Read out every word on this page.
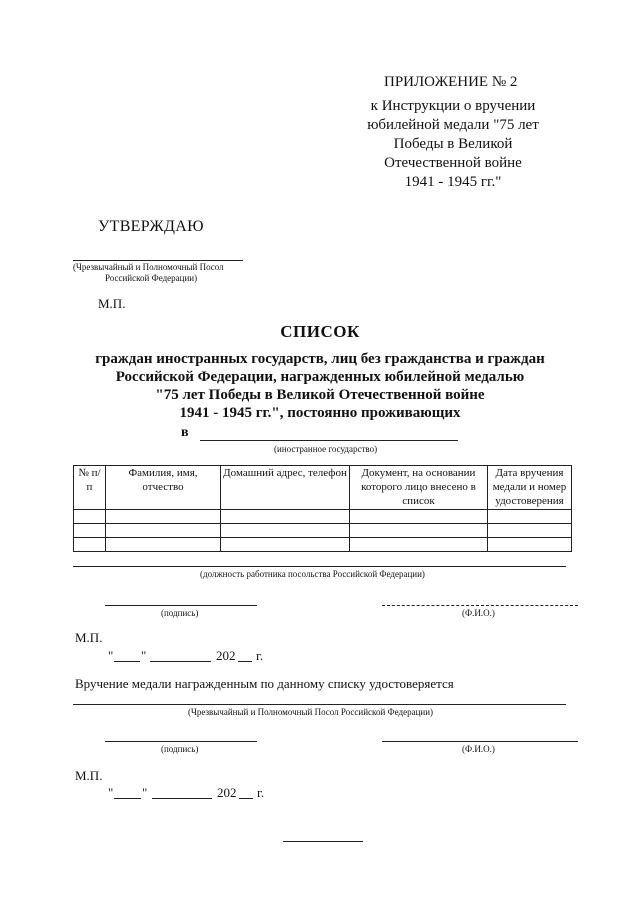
ПРИЛОЖЕНИЕ № 2
к Инструкции о вручении
юбилейной медали "75 лет
Победы в Великой
Отечественной войне
1941 - 1945 гг."
УТВЕРЖДАЮ
(Чрезвычайный и Полномочный Посол
Российской Федерации)
М.П.
СПИСОК
граждан иностранных государств, лиц без гражданства и граждан
Российской Федерации, награжденных юбилейной медалью
"75 лет Победы в Великой Отечественной войне
1941 - 1945 гг.", постоянно проживающих
в
(иностранное государство)
№ п/п	Фамилия, имя, отчество	Домашний адрес, телефон	Документ, на основании которого лицо внесено в список	Дата вручения медали и номер удостоверения

(должность работника посольства Российской Федерации)
(подпись)	(Ф.И.О.)
М.П.
" "	202 г.
Вручение медали награжденным по данному списку удостоверяется
(Чрезвычайный и Полномочный Посол Российской Федерации)
(подпись)	(Ф.И.О.)
М.П.
" "	202 г.
